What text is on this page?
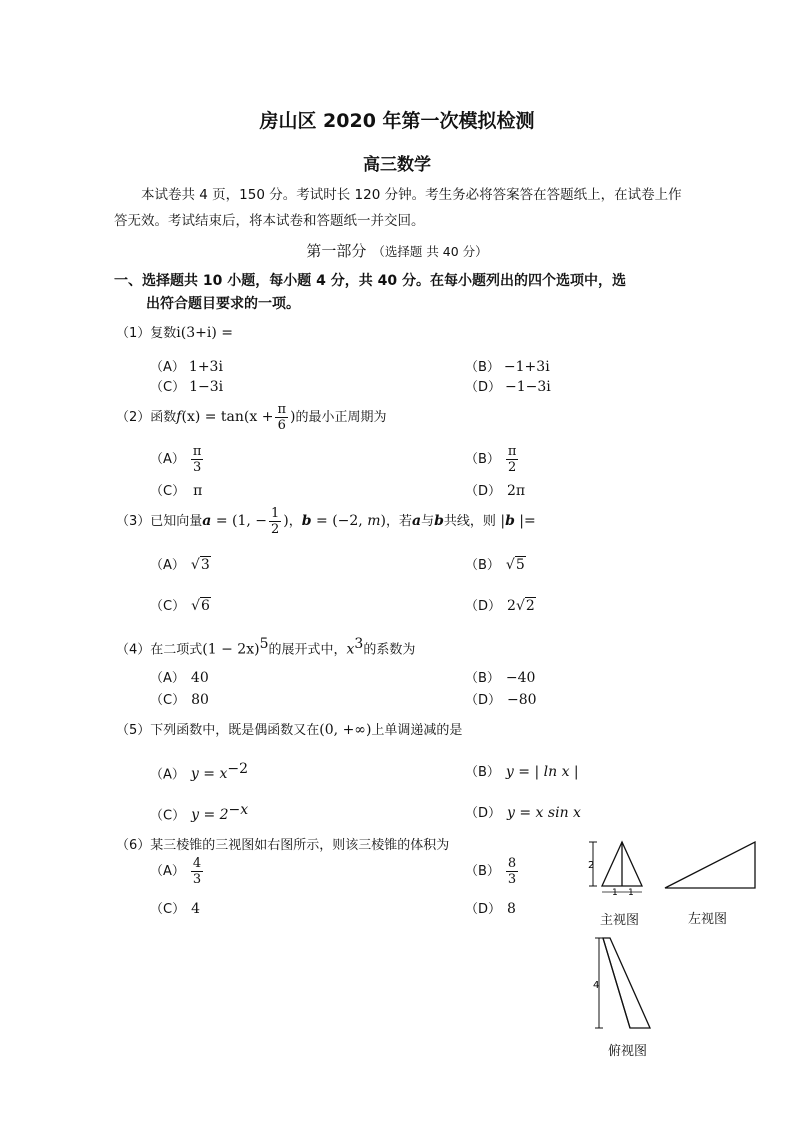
房山区 2020 年第一次模拟检测
高三数学
本试卷共 4 页，150 分。考试时长 120 分钟。考生务必将答案答在答题纸上，在试卷上作答无效。考试结束后，将本试卷和答题纸一并交回。
第一部分 （选择题 共 40 分）
一、选择题共 10 小题，每小题 4 分，共 40 分。在每小题列出的四个选项中，选
出符合题目要求的一项。
（1）复数i(3+i) =
（A） 1+3i	（B） −1+3i
（C） 1−3i	（D） −1−3i
（2）函数$f(x) = \tan(x + \frac{\pi}{6}$ )的最小正周期为
$(A) \frac{\pi}{3}$	$(B) \frac{\pi}{2}$
（C） π	（D） 2π
（3）已知向量a = (1, − $\frac{1}{2}$ )，b = (−2, m)，若a与b共线，则 |b |=
（A） √3	（B） √5
（C） √6	（D） 2√2
（4）在二项式$(1 - 2x)^5$的展开式中，$x^3$的系数为
（A） 40	（B） −40
（C） 80	（D） −80
（5）下列函数中，既是偶函数又在(0, +∞)上单调递减的是
（A） $y = x^{-2}$	（B） y = | ln x |
（C） $y = 2^{-x}$	（D） y = x sin x
（6）某三棱锥的三视图如右图所示，则该三棱锥的体积为
$(A) \frac{4}{3}$	$(B) \frac{8}{3}$
（C） 4	（D） 8
2
1 1
主视图	左视图
4
俯视图
